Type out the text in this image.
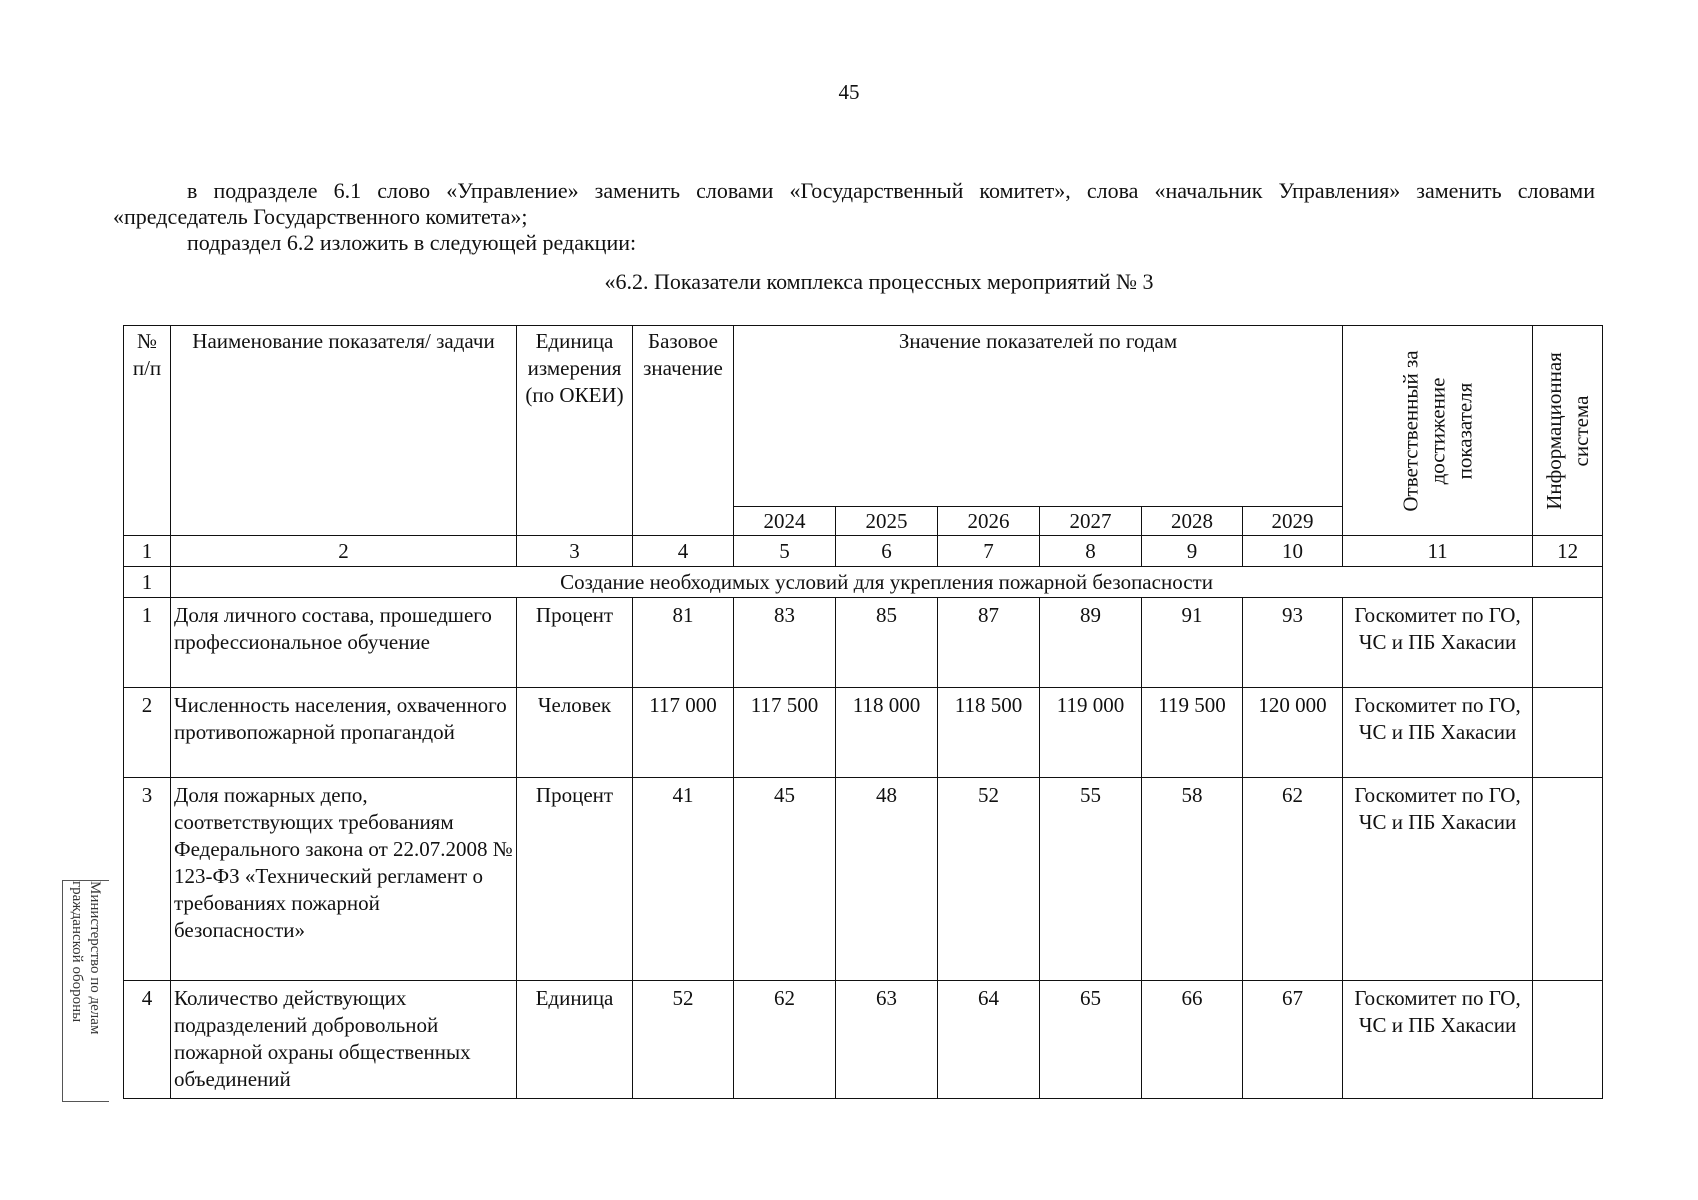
45

в подразделе 6.1 слово «Управление» заменить словами «Государственный комитет», слова «начальник Управления» заменить словами «председатель Государственного комитета»;

подраздел 6.2 изложить в следующей редакции:

«6.2. Показатели комплекса процессных мероприятий № 3
№ п/п	Наименование показателя/ задачи	Единица измерения (по ОКЕИ)	Базовое значение	Значение показателей по годам						Ответственный за достижение показателя	Информационная система

				2024	2025	2026	2027	2028	2029		
1	2	3	4	5	6	7	8	9	10	11	12
1	Создание необходимых условий для укрепления пожарной безопасности										
1	Доля личного состава, прошедшего профессиональное обучение	Процент	81	83	85	87	89	91	93	Госкомитет по ГО, ЧС и ПБ Хакасии	
2	Численность населения, охваченного противопожарной пропагандой	Человек	117 000	117 500	118 000	118 500	119 000	119 500	120 000	Госкомитет по ГО, ЧС и ПБ Хакасии	
3	Доля пожарных депо, соответствующих требованиям Федерального закона от 22.07.2008 № 123-ФЗ «Технический регламент о требованиях пожарной безопасности»	Процент	41	45	48	52	55	58	62	Госкомитет по ГО, ЧС и ПБ Хакасии	
4	Количество действующих подразделений добровольной пожарной охраны общественных объединений	Единица	52	62	63	64	65	66	67	Госкомитет по ГО, ЧС и ПБ Хакасии	
Министерство по делам
гражданской обороны
